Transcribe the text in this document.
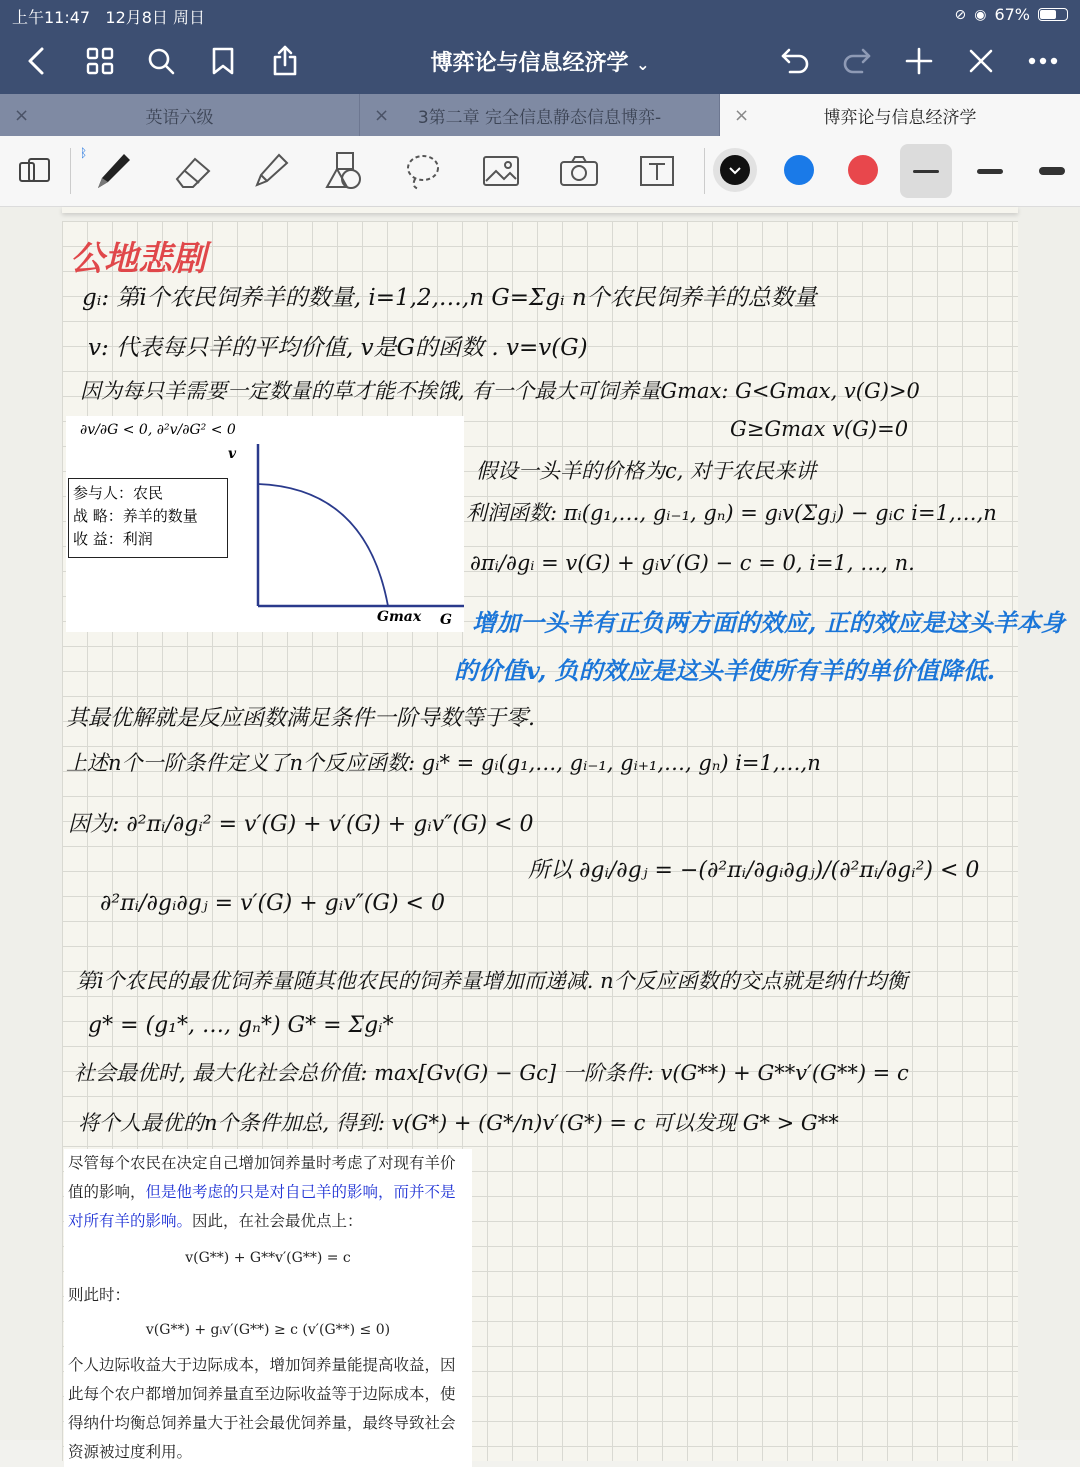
上午11:47 12月8日 周日	⊘ ◉ 67%
博弈论与信息经济学 ⌄
×	英语六级	×	3第二章 完全信息静态信息博弈-	×	博弈论与信息经济学
ᛒ
公地悲剧
gᵢ: 第i个农民饲养羊的数量, i=1,2,…,n G=Σgᵢ n个农民饲养羊的总数量
v: 代表每只羊的平均价值, v是G的函数 . v=v(G)
因为每只羊需要一定数量的草才能不挨饿, 有一个最大可饲养量Gmax: G<Gmax, v(G)>0
G≥Gmax v(G)=0
∂v/∂G < 0, ∂²v/∂G² < 0
v
参与人：农民
战 略：养羊的数量
收 益：利润
Gmax G
假设一头羊的价格为c, 对于农民来讲
利润函数: πᵢ(g₁,…, gᵢ₋₁, gₙ) = gᵢv(Σgⱼ) − gᵢc i=1,…,n
∂πᵢ/∂gᵢ = v(G) + gᵢv′(G) − c = 0, i=1, …, n.
增加一头羊有正负两方面的效应, 正的效应是这头羊本身
的价值v, 负的效应是这头羊使所有羊的单价值降低.
其最优解就是反应函数满足条件一阶导数等于零.
上述n个一阶条件定义了n个反应函数: gᵢ* = gᵢ(g₁,…, gᵢ₋₁, gᵢ₊₁,…, gₙ) i=1,…,n
因为: ∂²πᵢ/∂gᵢ² = v′(G) + v′(G) + gᵢv″(G) < 0
所以 ∂gᵢ/∂gⱼ = −(∂²πᵢ/∂gᵢ∂gⱼ)/(∂²πᵢ/∂gᵢ²) < 0
∂²πᵢ/∂gᵢ∂gⱼ = v′(G) + gᵢv″(G) < 0
第i个农民的最优饲养量随其他农民的饲养量增加而递减. n个反应函数的交点就是纳什均衡
g* = (g₁*, …, gₙ*) G* = Σgᵢ*
社会最优时, 最大化社会总价值: max[Gv(G) − Gc] 一阶条件: v(G**) + G**v′(G**) = c
将个人最优的n个条件加总, 得到: v(G*) + (G*/n)v′(G*) = c 可以发现 G* > G**
尽管每个农民在决定自己增加饲养量时考虑了对现有羊价值的影响，但是他考虑的只是对自己羊的影响，而并不是对所有羊的影响。因此，在社会最优点上：
v(G**) + G**v′(G**) = c
则此时：
v(G**) + gᵢv′(G**) ≥ c (v′(G**) ≤ 0)
个人边际收益大于边际成本，增加饲养量能提高收益，因此每个农户都增加饲养量直至边际收益等于边际成本，使得纳什均衡总饲养量大于社会最优饲养量，最终导致社会资源被过度利用。
